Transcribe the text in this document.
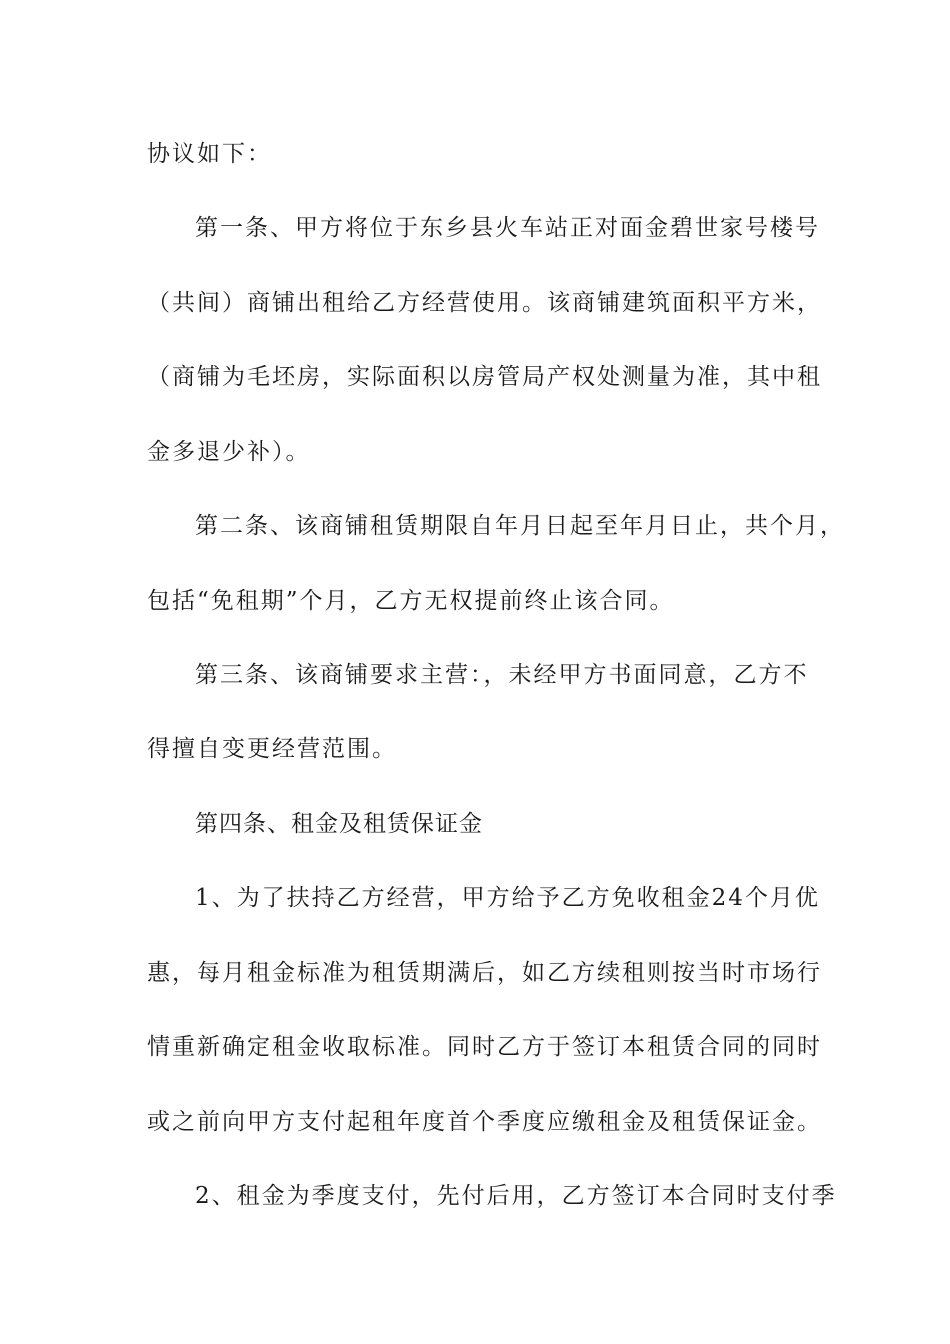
协议如下：
第一条、甲方将位于东乡县火车站正对面金碧世家号楼号
（共间）商铺出租给乙方经营使用。该商铺建筑面积平方米，
（商铺为毛坯房，实际面积以房管局产权处测量为准，其中租
金多退少补）。
第二条、该商铺租赁期限自年月日起至年月日止，共个月，
包括“免租期”个月，乙方无权提前终止该合同。
第三条、该商铺要求主营：，未经甲方书面同意，乙方不
得擅自变更经营范围。
第四条、租金及租赁保证金
1、为了扶持乙方经营，甲方给予乙方免收租金24个月优
惠，每月租金标准为租赁期满后，如乙方续租则按当时市场行
情重新确定租金收取标准。同时乙方于签订本租赁合同的同时
或之前向甲方支付起租年度首个季度应缴租金及租赁保证金。
2、租金为季度支付，先付后用，乙方签订本合同时支付季
